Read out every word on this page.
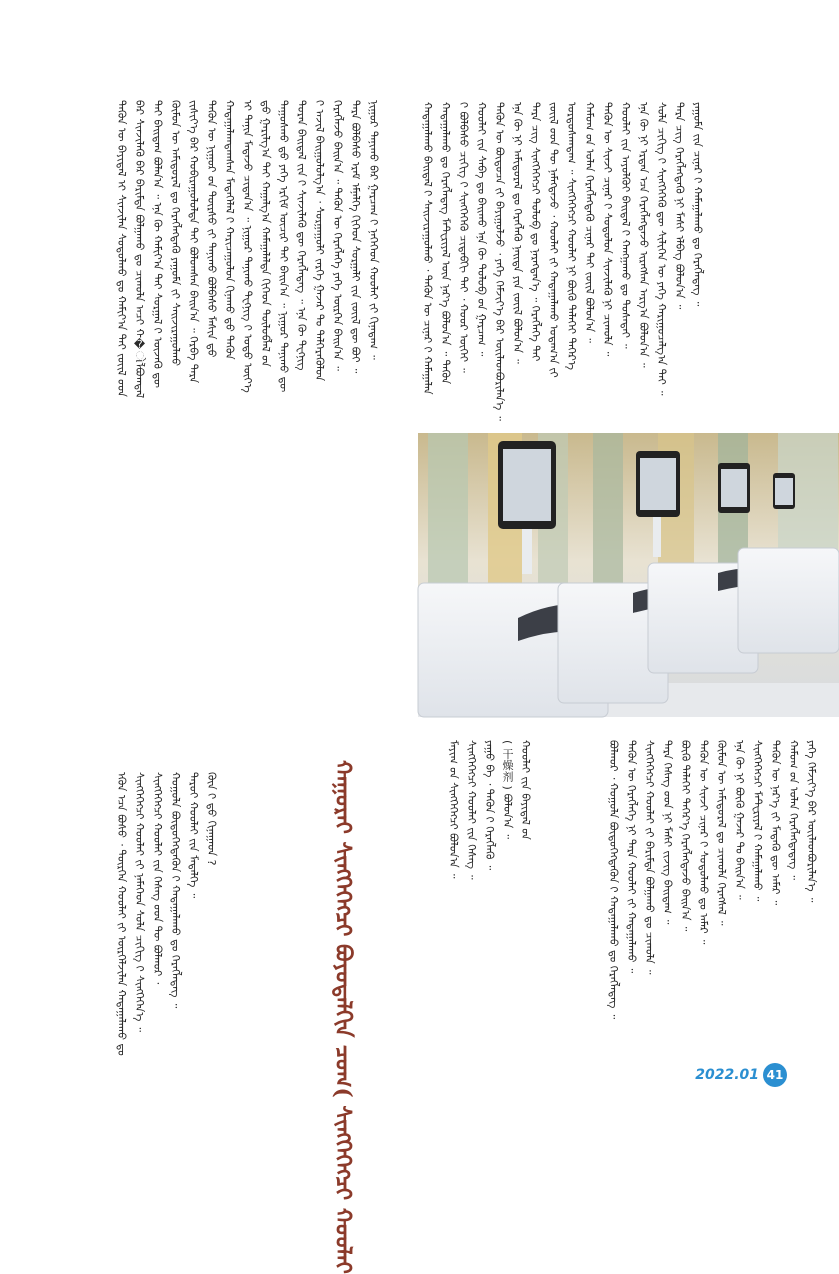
ᠲᠡᠭᠦᠨ ᠦ ᠪᠠᠶᠢᠳᠠᠯ ᠢ ᠰᠢᠨᠵᠢᠯᠡᠨ ᠰᠤᠳᠤᠯᠬᠤ ᠳᠤ ᠬᠠᠮᠢᠶ᠎ᠠ ᠲᠠᠢ ᠵᠦᠢᠯ ᠦ᠋ᠳ ᠪᠡᠷ ᠰᠢᠨᠵᠢᠯᠡᠬᠦ ᠪᠡᠷ ᠪᠠᠷᠢᠮᠲᠠ ᠪᠣᠯᠭᠠᠬᠤ ᠳᠤ ᠴᠢᠬᠤᠯᠠ ᠠᠴᠢ ᠬ�ોᠯᠪᠤᠭᠳᠠᠯ ᠲᠠᠢ ᠪᠠᠢᠳᠠᠭ ᠪᠣᠯᠠᠨ᠎ᠠ ᠃ ᠡᠨᠡ ᠬᠦ ᠬᠠᠮᠢᠶ᠎ᠠ ᠲᠠᠢ ᠰᠤᠷᠭᠠᠯ ᠢ᠋ ᠦᠵᠡᠬᠦ ᠳᠦ ᠬᠦᠮᠦᠨ ᠦ ᠠᠮᠢᠳᠤᠷᠠᠯ ᠳᠤ ᠬᠡᠷᠡᠭᠯᠡᠭᠳᠡᠬᠦ ᠶᠠᠭᠤᠮᠠ ᠶ᠋ᠢ ᠰᠠᠢᠵᠢᠷᠠᠭᠤᠯᠬᠤ ᠵᠢᠱᠢᠶ᠎ᠡ ᠪᠡᠷ ᠬᠤᠪᠢᠷᠠᠭᠤᠯᠤᠯᠲᠠ ᠲᠠᠢ ᠪᠣᠯᠤᠭᠰᠠᠨ ᠪᠠᠢᠨ᠎ᠠ ᠃ ᠬᠡᠷᠪᠡ ᠲᠡᠷᠡ ᠲᠡᠭᠦᠨ ᠦ ᠨᠢᠭᠤᠷ ᠤ᠋ᠨ ᠳᠦᠷᠰᠦ ᠶ᠋ᠢ ᠲᠠᠨᠢᠬᠤ ᠪᠣᠯᠪᠠᠰᠤ ᠮᠠᠰᠢᠨ ᠳ᠋ᠤ ᠬᠠᠳᠠᠭᠠᠯᠠᠭᠳᠠᠭᠰᠠᠨ ᠮᠡᠳᠡᠭᠡᠯᠡᠯ ᠢ᠋ ᠬᠠᠷᠢᠴᠠᠭᠤᠯᠤᠨ ᠬᠢᠨᠠᠬᠤ ᠳ᠋ᠤ ᠲᠡᠭᠦᠨ ᠢ ᠲᠠᠨᠢᠨ ᠮᠡᠳᠡᠵᠦ ᠴᠢᠳᠠᠨ᠎ᠠ ᠃ ᠨᠢᠭᠤᠷ ᠲᠠᠨᠢᠬᠤ ᠲᠧᠬᠨᠢᠭ ᠢ᠋ ᠤᠳᠤ ᠦᠶ᠎ᠡ ᠳ᠋ᠤ ᠭᠠᠷᠢᠯᠭ᠎ᠠ ᠲᠠᠢ ᠬᠠᠭᠠᠯᠭ᠎ᠠ ᠬᠠᠮᠠᠭᠠᠯᠠᠯᠲᠠ ᠬᠢᠬᠡᠳ ᠲᠥᠯᠦᠪᠯᠡᠯ ᠤ᠋ᠨ ᠳᠠᠭᠤᠰᠬᠤ ᠳ᠋ᠤ ᠶᠡᠬᠡ ᠡᠷᠬᠢᠮ ᠦᠴᠢᠷ ᠲᠠᠢ ᠪᠠᠢᠨ᠎ᠠ ᠃ ᠨᠢᠭᠤᠷ ᠲᠠᠨᠢᠬᠤ ᠳᠦ ᠳᠤᠷᠠᠨ ᠪᠠᠢᠳᠠᠯ ᠵᠢᠨ ᠢ᠋ ᠰᠢᠨᠵᠢᠯᠡᠬᠦ ᠳᠦ ᠬᠡᠷᠡᠭᠯᠡᠳᠡᠭ ᠃ ᠡᠨᠡ ᠬᠦ ᠲᠧᠬᠨᠢᠭ ᠢ᠋ ᠠᠵᠢᠯ ᠪᠠᠢᠭᠤᠯᠤᠯᠭ᠎ᠠ ᠂ ᠰᠤᠷᠭᠠᠭᠤᠯᠢ ᠵᠡᠷᠭᠡ ᠭᠠᠵᠠᠷ ᠲᠤ ᠳᠡᠯᠭᠡᠷᠡᠭᠦᠯᠦᠨ ᠬᠡᠷᠡᠭᠯᠡᠵᠦ ᠪᠠᠢᠨ᠎ᠠ ᠃ ᠲᠡᠭᠦᠨ ᠦ ᠬᠡᠷᠡᠭᠯᠡᠭᠡ ᠶᠡᠬᠡ ᠦᠷᠭᠡᠨ ᠪᠠᠢᠨ᠎ᠠ ᠃ ᠲᠡᠷᠡ ᠪᠤᠯᠪᠠᠰᠤ ᠡᠷᠡᠮ ᠡᠮᠨᠡᠯᠭᠡ ᠬᠢᠬᠡᠳ ᠰᠤᠷᠭᠠᠯᠢ ᠶ᠋ᠢᠨ ᠵᠦᠢᠯ ᠳᠦ ᠪᠤᠢ ᠃ ᠨᠢᠭᠤᠷ ᠲᠠᠨᠢᠬᠤ ᠪᠠᠷ ᠭᠠᠷᠴᠠᠭ ᠢ᠋ ᠨᠡᠭᠡᠬᠡᠳ ᠬᠤᠤᠯᠠᠢ ᠶ᠋ᠢ ᠬᠢᠨᠠᠳᠠᠭ ᠃
ᠡᠭᠦᠨ ᠡᠴᠡ ᠪᠤᠰᠤ ᠂ ᠲᠦᠷᠭᠡᠨ ᠬᠤᠤᠯᠠᠢ ᠶ᠋ᠢ ᠦᠷᠭᠡᠯᠵᠢᠯᠡᠨ ᠬᠠᠳᠠᠭᠠᠯᠠᠬᠤ ᠳᠤ ᠰᠢᠩᠭᠡᠭᠡᠭᠴᠢ ᠬᠤᠤᠯᠠᠢ ᠶ᠋ᠢ ᠨᠡᠮᠡᠭᠡᠳ ᠰᠤᠯᠠ ᠴᠢᠭᠢᠭ ᠢ᠋ ᠰᠢᠩᠭᠡᠭᠡᠨ᠎ᠡ ᠃ ᠰᠢᠩᠭᠡᠭᠡᠭᠴᠢ ᠬᠤᠤᠯᠠᠢ ᠶ᠋ᠢᠨ ᠬᠡᠰᠡᠭ ᠦ᠋ᠳ ᠲᠦ ᠪᠣᠯᠬᠤᠷ ᠂ ᠬᠣᠭᠣᠯᠠ ᠪᠦᠲᠦᠭᠡᠭᠳᠡᠬᠦᠨ ᠢ᠋ ᠬᠠᠳᠠᠭᠠᠯᠠᠬᠤ ᠳᠤ ᠬᠡᠷᠡᠭᠯᠡᠳᠡᠭ ᠃ ᠳᠠᠷᠤᠢ ᠬᠤᠤᠯᠠᠢ ᠶ᠋ᠢᠨ ᠮᠡᠳᠡᠯᠭᠡ ᠃ ᠬᠦᠨ ᠢ᠋ ᠳ᠋ᠤ ᠬᠢᠨᠠᠭᠠᠳ ?
ᠬᠠᠳᠠᠭᠠᠯᠠᠬᠤ ᠪᠠᠢᠳᠠᠯ ᠢ᠋ ᠰᠠᠢᠵᠢᠷᠠᠭᠤᠯᠬᠤ ᠂ ᠲᠡᠭᠦᠨ ᠦ ᠴᠢᠨᠠᠷ ᠢ᠋ ᠬᠠᠮᠠᠭᠠᠯᠠᠨ ᠬᠠᠳᠠᠭᠠᠯᠠᠬᠤ ᠳᠤ ᠬᠡᠷᠡᠭᠯᠡᠳᠡᠭ ᠮᠠᠲᠧᠷᠢᠶᠠᠯ ᠦᠨ ᠨᠡᠷ᠎ᠡ ᠪᠣᠯᠤᠨ᠎ᠠ ᠃ ᠲᠡᠭᠦᠨ ᠢ᠋ ᠪᠣᠯᠪᠠᠰᠤ ᠴᠢᠭᠢᠭ ᠢ᠋ ᠰᠢᠩᠭᠡᠭᠡᠬᠦ ᠴᠢᠳᠠᠪᠬᠢ ᠲᠠᠢ ᠂ ᠬᠣᠣᠷ ᠦᠭᠡᠢ ᠃ ᠬᠤᠤᠯᠠᠢ ᠶ᠋ᠢᠨ ᠰᠠᠪᠠ ᠳᠤ ᠪᠠᠢᠬᠤ ᠡᠨᠡ ᠬᠦ ᠲᠤᠯᠤᠪ ᠤ᠋ᠨ ᠭᠠᠷᠴᠠᠭ ᠃ ᠲᠡᠭᠦᠨ ᠦ ᠪᠦᠲᠦᠴᠡ ᠶ᠋ᠢ ᠪᠠᠶᠢᠭᠤᠯᠵᠤ ᠂ ᠶᠡᠬᠡ ᠬᠡᠮᠵᠢᠶ᠎ᠡ ᠪᠡᠷ ᠦᠢᠯᠡᠳᠪᠦᠷᠢᠯᠡᠨ᠎ᠡ ᠃ ᠡᠨᠡ ᠬᠦ ᠨᠢ ᠠᠮᠢᠳᠤᠷᠠᠯ ᠳᠤ ᠬᠡᠷᠡᠭᠯᠡᠬᠦ ᠨᠡᠢᠲᠡ ᠶᠢᠨ ᠵᠦᠢᠯ ᠪᠣᠯᠤᠨ᠎ᠠ ᠃ ᠲᠡᠷᠡ ᠴᠢᠭ ᠰᠢᠩᠭᠡᠭᠡᠭᠴᠢ ᠲᠤᠯᠤᠪ ᠳᠤ ᠨᠡᠷᠡᠭᠳᠡᠨ᠎ᠡ ᠃ ᠬᠡᠷᠡᠭᠯᠡᠭᠡ ᠲᠠᠢ ᠵᠦᠢᠯ ᠦ᠋ᠳ ᠲᠦ ᠨᠡᠮᠡᠭᠳᠡᠵᠦ ᠂ ᠬᠤᠤᠯᠠᠢ ᠶ᠋ᠢ ᠬᠠᠳᠠᠭᠠᠯᠠᠬᠤ ᠤᠳᠠᠭ᠎ᠠ ᠶ᠋ᠢ ᠤᠷᠲᠤᠰᠬᠠᠳᠠᠭ ᠃ ᠰᠢᠩᠭᠡᠭᠡᠭᠴᠢ ᠬᠤᠤᠯᠠᠢ ᠨᠢ ᠪᠦᠬᠦ ᠳᠡᠯᠡᠬᠡᠢ ᠳᠡᠭᠡᠷ᠎ᠡ ᠬᠠᠮᠤᠭ ᠤ᠋ᠨ ᠣᠯᠠᠨ ᠬᠡᠷᠡᠭᠯᠡᠭᠳᠡᠬᠦ ᠴᠢᠨᠠᠷ ᠲᠠᠢ ᠵᠦᠢᠯ ᠪᠣᠯᠤᠨ᠎ᠠ ᠃ ᠲᠡᠭᠦᠨ ᠦ ᠰᠢᠨᠵᠢ ᠴᠢᠨᠠᠷ ᠢ᠋ ᠰᠤᠳᠤᠯᠤᠨ ᠰᠢᠨᠵᠢᠯᠡᠬᠦ ᠨᠢ ᠴᠢᠬᠤᠯᠠ ᠃ ᠬᠤᠤᠯᠠᠢ ᠶ᠋ᠢᠨ ᠠᠶᠤᠯᠭᠦᠢ ᠪᠠᠢᠳᠠᠯ ᠢ᠋ ᠬᠠᠩᠭᠠᠬᠤ ᠳᠤ ᠲᠤᠰᠠᠲᠠᠢ ᠃ ᠡᠨᠡ ᠬᠦ ᠨᠢ ᠡᠷᠲᠡᠨ ᠡᠴᠡ ᠬᠡᠷᠡᠭᠯᠡᠭᠳᠡᠵᠦ ᠢᠷᠡᠭᠰᠡᠨ ᠠᠷᠭ᠎ᠠ ᠪᠣᠯᠤᠨ᠎ᠠ ᠃ ᠰᠤᠯᠠ ᠴᠢᠭᠢᠭ ᠢ᠋ ᠰᠢᠩᠭᠡᠭᠡᠬᠦ ᠳᠦ ᠰᠢᠯᠢᠭᠡᠨ ᠦ ᠶᠡᠬᠡ ᠬᠠᠷᠢᠭᠤᠴᠠᠯᠭ᠎ᠠ ᠲᠠᠢ ᠃ ᠲᠡᠷᠡ ᠴᠢᠭ ᠬᠡᠷᠡᠭᠯᠡᠭᠳᠡᠬᠦ ᠨᠢ ᠮᠠᠰᠢ ᠡᠯᠪᠡᠭ ᠪᠣᠯᠤᠨ᠎ᠠ ᠃ ᠶᠠᠭᠤᠮᠠ ᠶ᠋ᠢᠨ ᠴᠢᠨᠠᠷ ᠢ᠋ ᠬᠠᠮᠠᠭᠠᠯᠠᠬᠤ ᠳᠤ ᠬᠡᠷᠡᠭᠯᠡᠳᠡᠭ ᠃
ᠬᠠᠭᠤᠷᠠᠢ ᠰᠢᠩᠭᠡᠭᠡᠭᠴᠢ ᠪᠤᠶᠤᠲᠠᠯᠬᠢᠨ ᠴᠣᠭ( ᠰᠢᠩᠭᠡᠭᠡᠭᠴᠢ ᠬᠤᠤᠯᠠᠢ
ᠮᠠᠶᠢᠭ ᠤ᠋ᠨ ᠰᠢᠩᠭᠡᠭᠡᠭᠴᠢ ᠪᠣᠯᠤᠨ᠎ᠠ ᠃ ᠰᠢᠩᠭᠡᠭᠡᠭᠴᠢ ᠬᠤᠤᠯᠠᠢ ᠶ᠋ᠢᠨ ᠬᠡᠰᠡᠭ ᠃ ᠶᠠᠭᠤ ᠪᠡ ᠂ ᠲᠡᠭᠦᠨ ᠢ᠋ ᠬᠡᠷᠡᠭᠯᠡᠬᠦ ᠃ ( 干燥剂 ) ᠪᠣᠯᠤᠨ᠎ᠠ ᠃ ᠬᠤᠤᠯᠠᠢ ᠶ᠋ᠢᠨ ᠪᠠᠶᠢᠳᠠᠯ ᠤ᠋ᠨ	ᠪᠣᠯᠬᠤᠷ ᠂ ᠬᠣᠭᠣᠯᠠ ᠪᠦᠲᠦᠭᠡᠭᠳᠡᠬᠦᠨ ᠢ᠋ ᠬᠠᠳᠠᠭᠠᠯᠠᠬᠤ ᠳᠤ ᠬᠡᠷᠡᠭᠯᠡᠳᠡᠭ ᠃ ᠲᠡᠭᠦᠨ ᠦ ᠬᠡᠷᠡᠭᠯᠡᠭᠡ ᠨᠢ ᠲᠡᠷᠡ ᠬᠤᠤᠯᠠᠢ ᠶ᠋ᠢ ᠬᠠᠳᠠᠭᠠᠯᠠᠬᠤ ᠃ ᠰᠢᠩᠭᠡᠭᠡᠭᠴᠢ ᠬᠤᠤᠯᠠᠢ ᠶ᠋ᠢ ᠪᠠᠷᠢᠮᠲᠠ ᠪᠣᠯᠭᠠᠬᠤ ᠳᠤ ᠴᠢᠬᠤᠯᠠ ᠃ ᠲᠡᠷᠡ ᠬᠡᠰᠡᠭ ᠦ᠋ᠳ ᠨᠢ ᠮᠠᠰᠢ ᠵᠢᠵᠢᠭ ᠪᠠᠢᠳᠠᠭ ᠃ ᠪᠦᠬᠦ ᠳᠡᠯᠡᠬᠡᠢ ᠳᠡᠭᠡᠷ᠎ᠡ ᠬᠡᠷᠡᠭᠯᠡᠭᠳᠡᠵᠦ ᠪᠠᠢᠨ᠎ᠠ ᠃ ᠲᠡᠭᠦᠨ ᠦ ᠰᠢᠨᠵᠢ ᠴᠢᠨᠠᠷ ᠢ᠋ ᠰᠤᠳᠤᠯᠬᠤ ᠳᠤ ᠠᠮᠠᠷ ᠃ ᠬᠦᠮᠦᠨ ᠦ ᠠᠮᠢᠳᠤᠷᠠᠯ ᠳᠤ ᠴᠢᠬᠤᠯᠠ ᠬᠡᠷᠡᠭᠰᠡᠯ ᠃ ᠡᠨᠡ ᠬᠦ ᠨᠢ ᠪᠦᠬᠦ ᠭᠠᠵᠠᠷ ᠲᠤ ᠪᠠᠢᠨ᠎ᠠ ᠃ ᠰᠢᠩᠭᠡᠭᠡᠭᠴᠢ ᠮᠠᠲᠧᠷᠢᠶᠠᠯ ᠢ᠋ ᠬᠠᠮᠠᠭᠠᠯᠠᠬᠤ ᠃ ᠲᠡᠭᠦᠨ ᠦ ᠨᠡᠷ᠎ᠡ ᠶ᠋ᠢ ᠮᠡᠳᠡᠬᠦ ᠳᠦ ᠠᠮᠠᠷ ᠃ ᠬᠠᠮᠤᠭ ᠤ᠋ᠨ ᠣᠯᠠᠨ ᠬᠡᠷᠡᠭᠯᠡᠭᠳᠡᠳᠡᠭ ᠃ ᠶᠡᠬᠡ ᠬᠡᠮᠵᠢᠶ᠎ᠡ ᠪᠡᠷ ᠦᠢᠯᠡᠳᠪᠦᠷᠢᠯᠡᠨ᠎ᠡ ᠃
2022.01 41
